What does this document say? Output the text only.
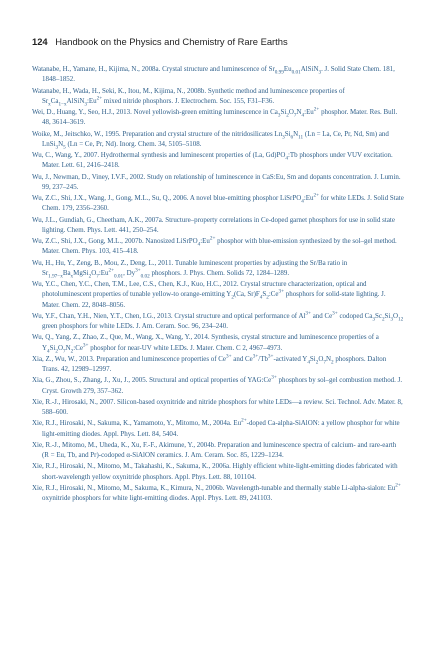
124 Handbook on the Physics and Chemistry of Rare Earths

Watanabe, H., Yamane, H., Kijima, N., 2008a. Crystal structure and luminescence of $Sr_{0.99}Eu_{0.01}AlSiN_3$. J. Solid State Chem. 181, 1848–1852.

Watanabe, H., Wada, H., Seki, K., Itou, M., Kijima, N., 2008b. Synthetic method and luminescence properties of $Sr_xCa_{1-x}AlSiN_3:Eu^{2+}$ mixed nitride phosphors. J. Electrochem. Soc. 155, F31–F36.

Wei, D., Huang, Y., Seo, H.J., 2013. Novel yellowish-green emitting luminescence in $Ca_3Si_2O_7N_4:Eu^{2+}$ phosphor. Mater. Res. Bull. 48, 3614–3619.

Woike, M., Jeitschko, W., 1995. Preparation and crystal structure of the nitridosilicates $Ln_3Si_6N_{11}$ (Ln = La, Ce, Pr, Nd, Sm) and $LnSi_3N_5$ (Ln = Ce, Pr, Nd). Inorg. Chem. 34, 5105–5108.

Wu, C., Wang, Y., 2007. Hydrothermal synthesis and luminescent properties of (La, $Gd)PO_4:Tb$ phosphors under VUV excitation. Mater. Lett. 61, 2416–2418.

Wu, J., Newman, D., Viney, I.V.F., 2002. Study on relationship of luminescence in CaS:Eu, Sm and dopants concentration. J. Lumin. 99, 237–245.

Wu, Z.C., Shi, J.X., Wang, J., Gong, M.L., Su, Q., 2006. A novel blue-emitting phosphor $LiSrPO_4:Eu^{2+}$ for white LEDs. J. Solid State Chem. 179, 2356–2360.

Wu, J.L., Gundiah, G., Cheetham, A.K., 2007a. Structure–property correlations in Ce-doped garnet phosphors for use in solid state lighting. Chem. Phys. Lett. 441, 250–254.

Wu, Z.C., Shi, J.X., Gong, M.L., 2007b. Nanosized $LiSrPO_4:Eu^{2+}$ phosphor with blue-emission synthesized by the sol–gel method. Mater. Chem. Phys. 103, 415–418.

Wu, H., Hu, Y., Zeng, B., Mou, Z., Deng, L., 2011. Tunable luminescent properties by adjusting the Sr/Ba ratio in $Sr_{1.97-x}Ba_xMgSi_2O_7:Eu^{2+}_{0.01}$, $Dy^{3+}_{0.02}$ phosphors. J. Phys. Chem. Solids 72, 1284–1289.

Wu, Y.C., Chen, Y.C., Chen, T.M., Lee, C.S., Chen, K.J., Kuo, H.C., 2012. Crystal structure characterization, optical and photoluminescent properties of tunable yellow-to orange-emitting $Y_2(Ca$, $Sr)F_4S_2:Ce^{3+}$ phosphors for solid-state lighting. J. Mater. Chem. 22, 8048–8056.

Wu, Y.F., Chan, Y.H., Nien, Y.T., Chen, I.G., 2013. Crystal structure and optical performance of $Al^{3+}$ and $Ce^{3+}$ codoped $Ca_3Sc_2Si_3O_{12}$ green phosphors for white LEDs. J. Am. Ceram. Soc. 96, 234–240.

Wu, Q., Yang, Z., Zhao, Z., Que, M., Wang, X., Wang, Y., 2014. Synthesis, crystal structure and luminescence properties of a $Y_4Si_2O_7N_2:Ce^{3+}$ phosphor for near-UV white LEDs. J. Mater. Chem. C 2, 4967–4973.

Xia, Z., Wu, W., 2013. Preparation and luminescence properties of $Ce^{3+}$ and $Ce^{3+}/Tb^{3+}$-activated $Y_4Si_2O_7N_2$ phosphors. Dalton Trans. 42, 12989–12997.

Xia, G., Zhou, S., Zhang, J., Xu, J., 2005. Structural and optical properties of $YAG:Ce^{3+}$ phosphors by sol–gel combustion method. J. Cryst. Growth 279, 357–362.

Xie, R.-J., Hirosaki, N., 2007. Silicon-based oxynitride and nitride phosphors for white LEDs—a review. Sci. Technol. Adv. Mater. 8, 588–600.

Xie, R.J., Hirosaki, N., Sakuma, K., Yamamoto, Y., Mitomo, M., 2004a. $Eu^{2+}$-doped Ca-alpha-SiAlON: a yellow phosphor for white light-emitting diodes. Appl. Phys. Lett. 84, 5404.

Xie, R.-J., Mitomo, M., Uheda, K., Xu, F.-F., Akimune, Y., 2004b. Preparation and luminescence spectra of calcium- and rare-earth (R = Eu, Tb, and Pr)-codoped α-SiAlON ceramics. J. Am. Ceram. Soc. 85, 1229–1234.

Xie, R.J., Hirosaki, N., Mitomo, M., Takahashi, K., Sakuma, K., 2006a. Highly efficient white-light-emitting diodes fabricated with short-wavelength yellow oxynitride phosphors. Appl. Phys. Lett. 88, 101104.

Xie, R.J., Hirosaki, N., Mitomo, M., Sakuma, K., Kimura, N., 2006b. Wavelength-tunable and thermally stable Li-alpha-sialon: $Eu^{2+}$ oxynitride phosphors for white light-emitting diodes. Appl. Phys. Lett. 89, 241103.
